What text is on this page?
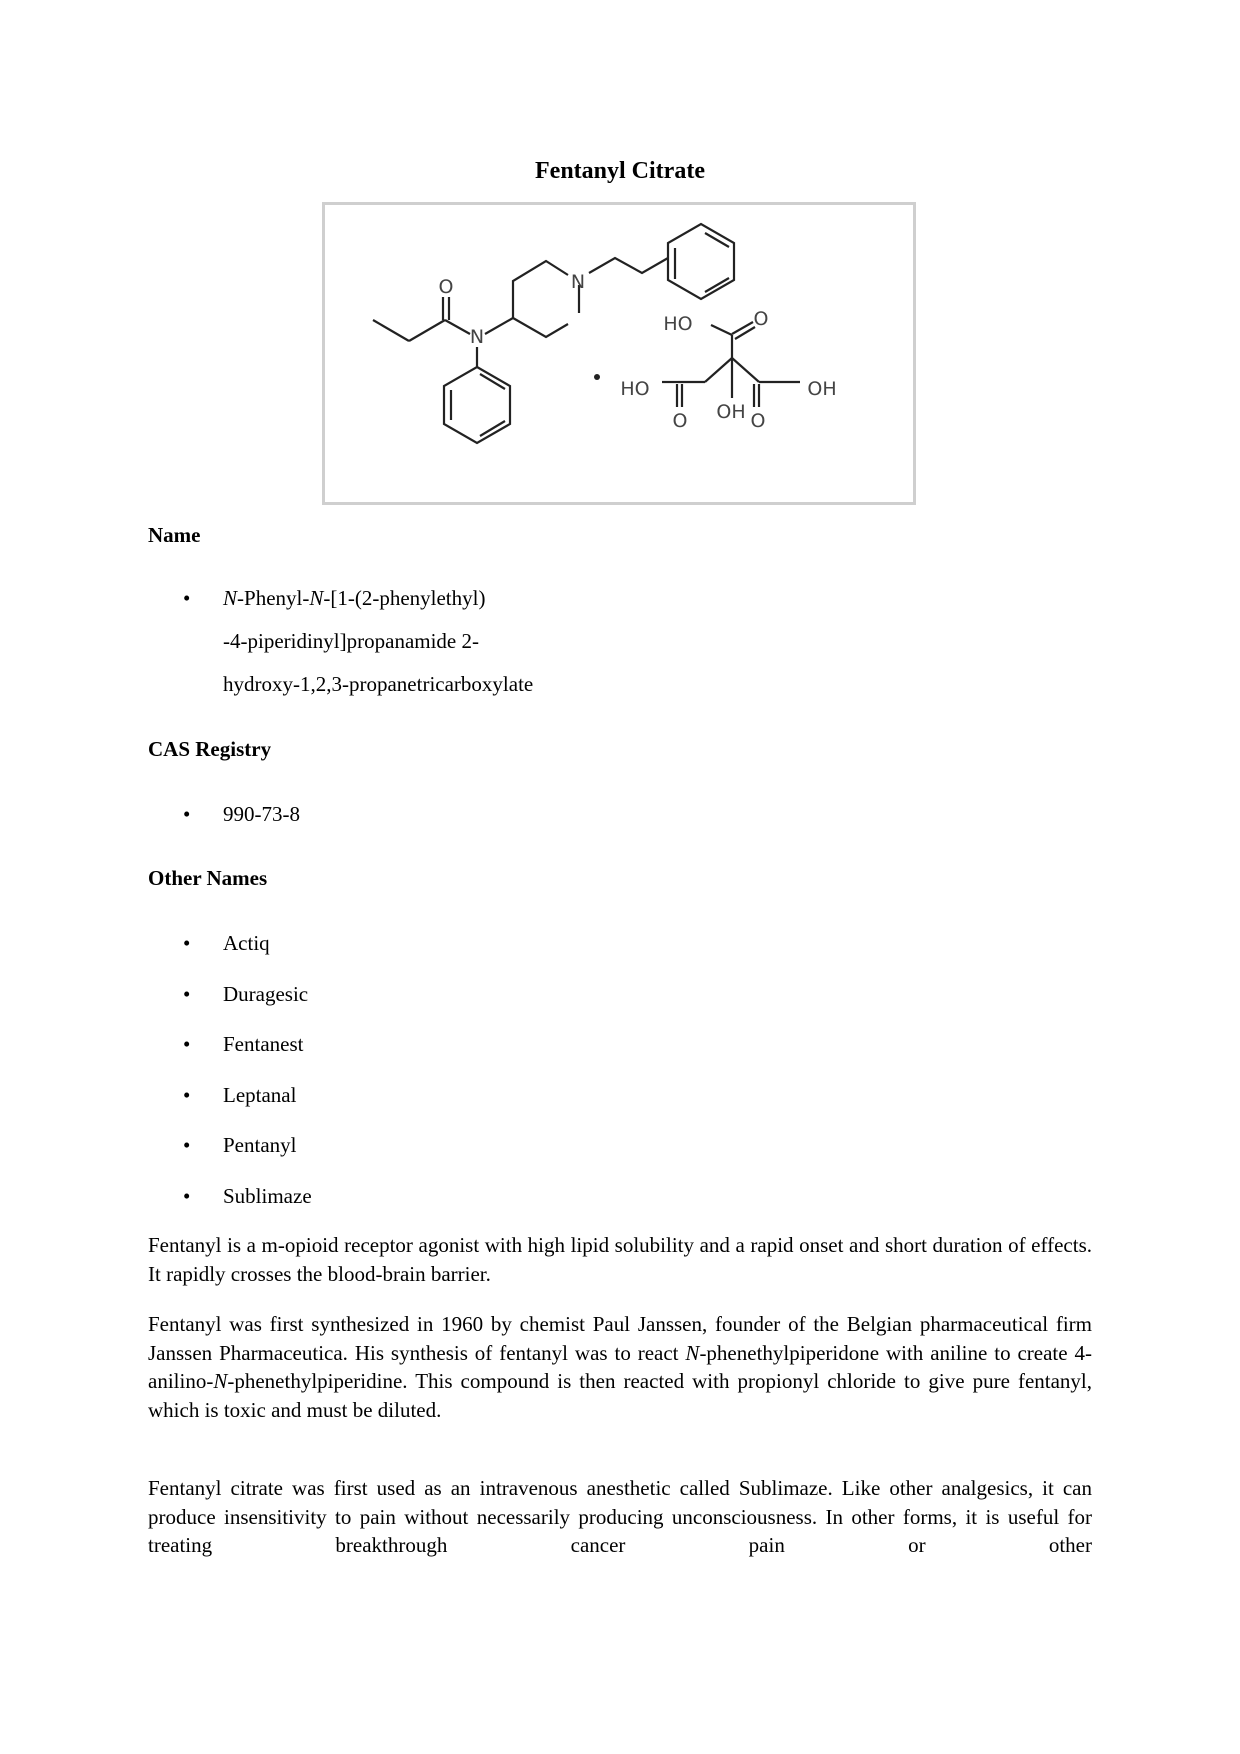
Fentanyl Citrate
O
N
N
HO	O
HO
O OH O
OH
Name
• N-Phenyl-N-[1-(2-phenylethyl)
-4-piperidinyl]propanamide 2-
hydroxy-1,2,3-propanetricarboxylate
CAS Registry
• 990-73-8
Other Names
• Actiq
• Duragesic
• Fentanest
• Leptanal
• Pentanyl
• Sublimaze

Fentanyl is a m-opioid receptor agonist with high lipid solubility and a rapid onset and short duration of effects. It rapidly crosses the blood-brain barrier.

Fentanyl was first synthesized in 1960 by chemist Paul Janssen, founder of the Belgian pharmaceutical firm Janssen Pharmaceutica. His synthesis of fentanyl was to react N-phenethylpiperidone with aniline to create 4-anilino-N-phenethylpiperidine. This compound is then reacted with propionyl chloride to give pure fentanyl, which is toxic and must be diluted.

Fentanyl citrate was first used as an intravenous anesthetic called Sublimaze. Like other analgesics, it can produce insensitivity to pain without necessarily producing unconsciousness. In other forms, it is useful for treating breakthrough cancer pain or other
